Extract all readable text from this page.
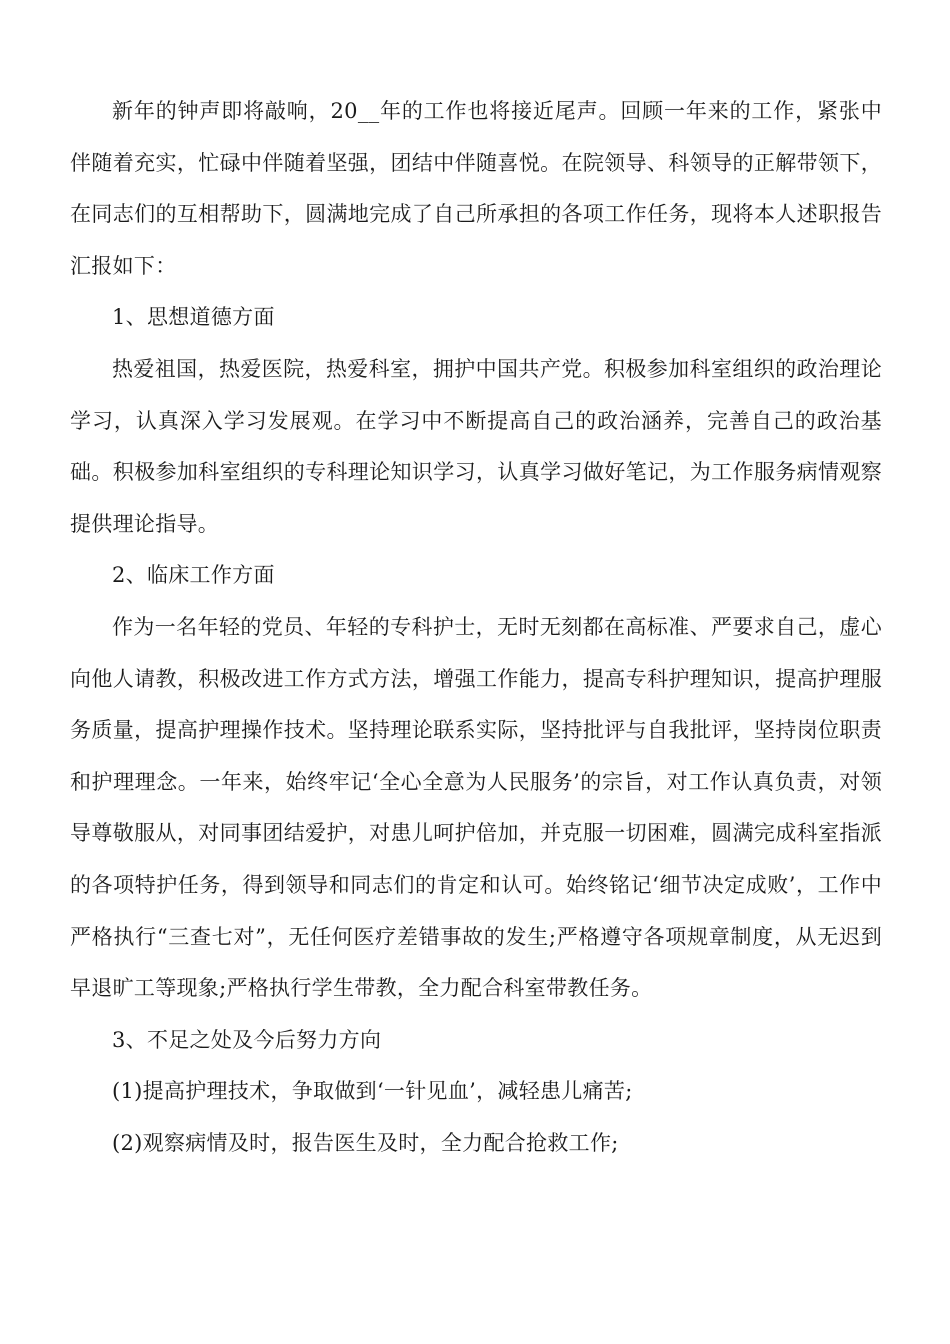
新年的钟声即将敲响，20__年的工作也将接近尾声。回顾一年来的工作，紧张中伴随着充实，忙碌中伴随着坚强，团结中伴随喜悦。在院领导、科领导的正解带领下，在同志们的互相帮助下，圆满地完成了自己所承担的各项工作任务，现将本人述职报告汇报如下：

1、思想道德方面

热爱祖国，热爱医院，热爱科室，拥护中国共产党。积极参加科室组织的政治理论学习，认真深入学习发展观。在学习中不断提高自己的政治涵养，完善自己的政治基础。积极参加科室组织的专科理论知识学习，认真学习做好笔记，为工作服务病情观察提供理论指导。

2、临床工作方面

作为一名年轻的党员、年轻的专科护士，无时无刻都在高标准、严要求自己，虚心向他人请教，积极改进工作方式方法，增强工作能力，提高专科护理知识，提高护理服务质量，提高护理操作技术。坚持理论联系实际，坚持批评与自我批评，坚持岗位职责和护理理念。一年来，始终牢记‘全心全意为人民服务’的宗旨，对工作认真负责，对领导尊敬服从，对同事团结爱护，对患儿呵护倍加，并克服一切困难，圆满完成科室指派的各项特护任务，得到领导和同志们的肯定和认可。始终铭记‘细节决定成败’，工作中严格执行“三查七对”，无任何医疗差错事故的发生;严格遵守各项规章制度，从无迟到早退旷工等现象;严格执行学生带教，全力配合科室带教任务。

3、不足之处及今后努力方向

(1)提高护理技术，争取做到‘一针见血’，减轻患儿痛苦;

(2)观察病情及时，报告医生及时，全力配合抢救工作;
